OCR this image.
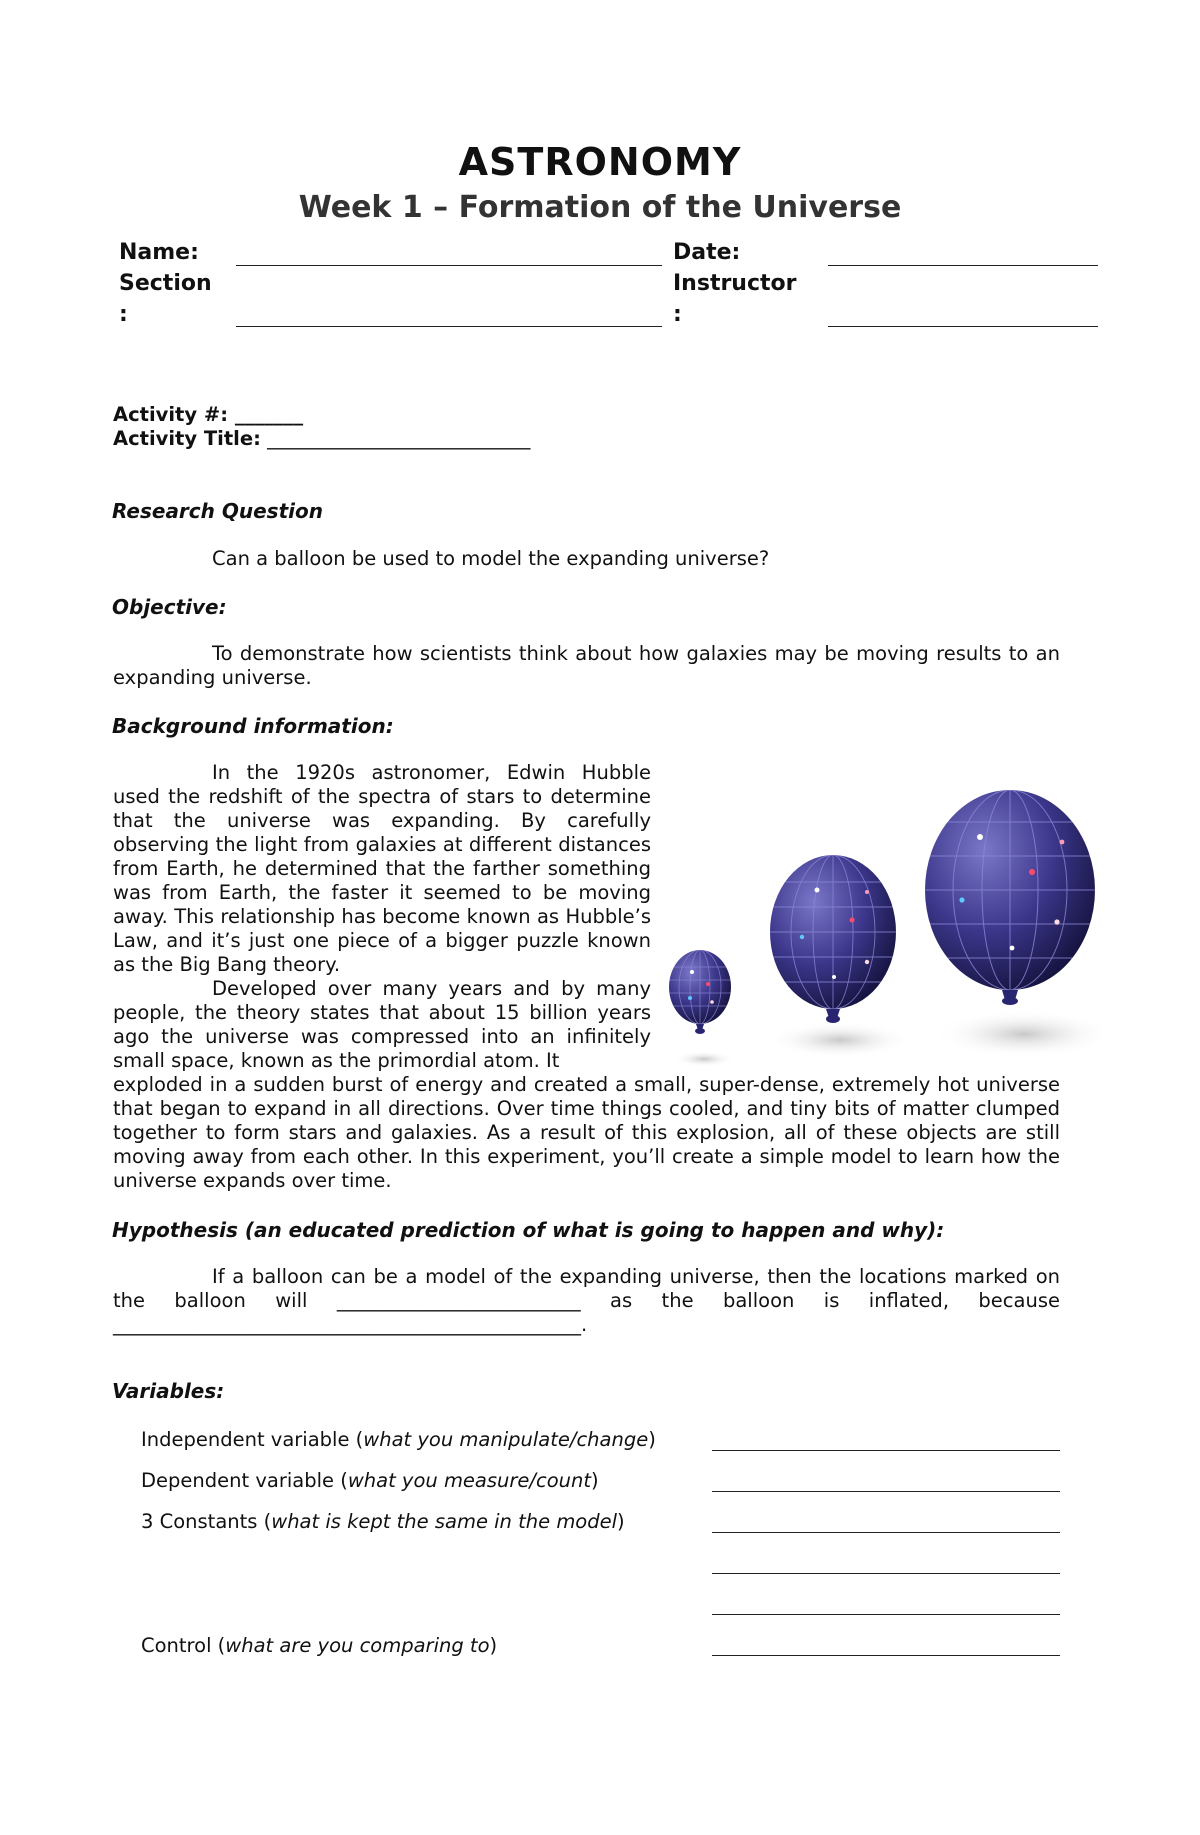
ASTRONOMY
Week 1 – Formation of the Universe
Name:
Section
:
Date:
Instructor
:
Activity #: _______
Activity Title: ___________________________
Research Question
Can a balloon be used to model the expanding universe?
Objective:
To demonstrate how scientists think about how galaxies may be moving results to an expanding universe.
Background information:
In the 1920s astronomer, Edwin Hubble used the redshift of the spectra of stars to determine that the universe was expanding. By carefully observing the light from galaxies at different distances from Earth, he determined that the farther something was from Earth, the faster it seemed to be moving away. This relationship has become known as Hubble’s Law, and it’s just one piece of a bigger puzzle known as the Big Bang theory.
Developed over many years and by many people, the theory states that about 15 billion years ago the universe was compressed into an infinitely small space, known as the primordial atom. It
exploded in a sudden burst of energy and created a small, super-dense, extremely hot universe that began to expand in all directions. Over time things cooled, and tiny bits of matter clumped together to form stars and galaxies. As a result of this explosion, all of these objects are still moving away from each other. In this experiment, you’ll create a simple model to learn how the universe expands over time.
Hypothesis (an educated prediction of what is going to happen and why):
If a balloon can be a model of the expanding universe, then the locations marked on the balloon will _________________________ as the balloon is inflated, because ________________________________________________.
Variables:
Independent variable (what you manipulate/change)
Dependent variable (what you measure/count)
3 Constants (what is kept the same in the model)
Control (what are you comparing to)
